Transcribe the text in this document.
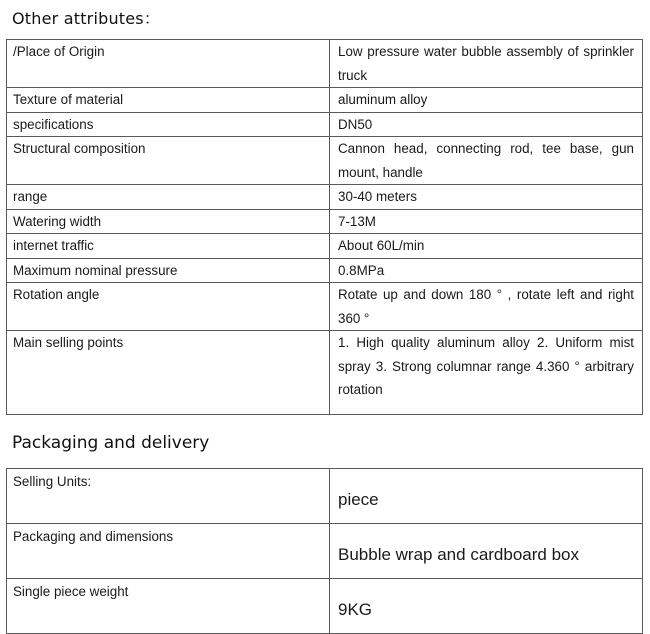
Other attributes：
/Place of Origin	Low pressure water bubble assembly of sprinkler truck
Texture of material	aluminum alloy
specifications	DN50
Structural composition	Cannon head, connecting rod, tee base, gun mount, handle
range	30-40 meters
Watering width	7-13M
internet traffic	About 60L/min
Maximum nominal pressure	0.8MPa
Rotation angle	Rotate up and down 180 ° , rotate left and right 360 °
Main selling points	1. High quality aluminum alloy 2. Uniform mist spray 3. Strong columnar range 4.360 ° arbitrary rotation
Packaging and delivery
Selling Units:	piece
Packaging and dimensions	Bubble wrap and cardboard box
Single piece weight	9KG
